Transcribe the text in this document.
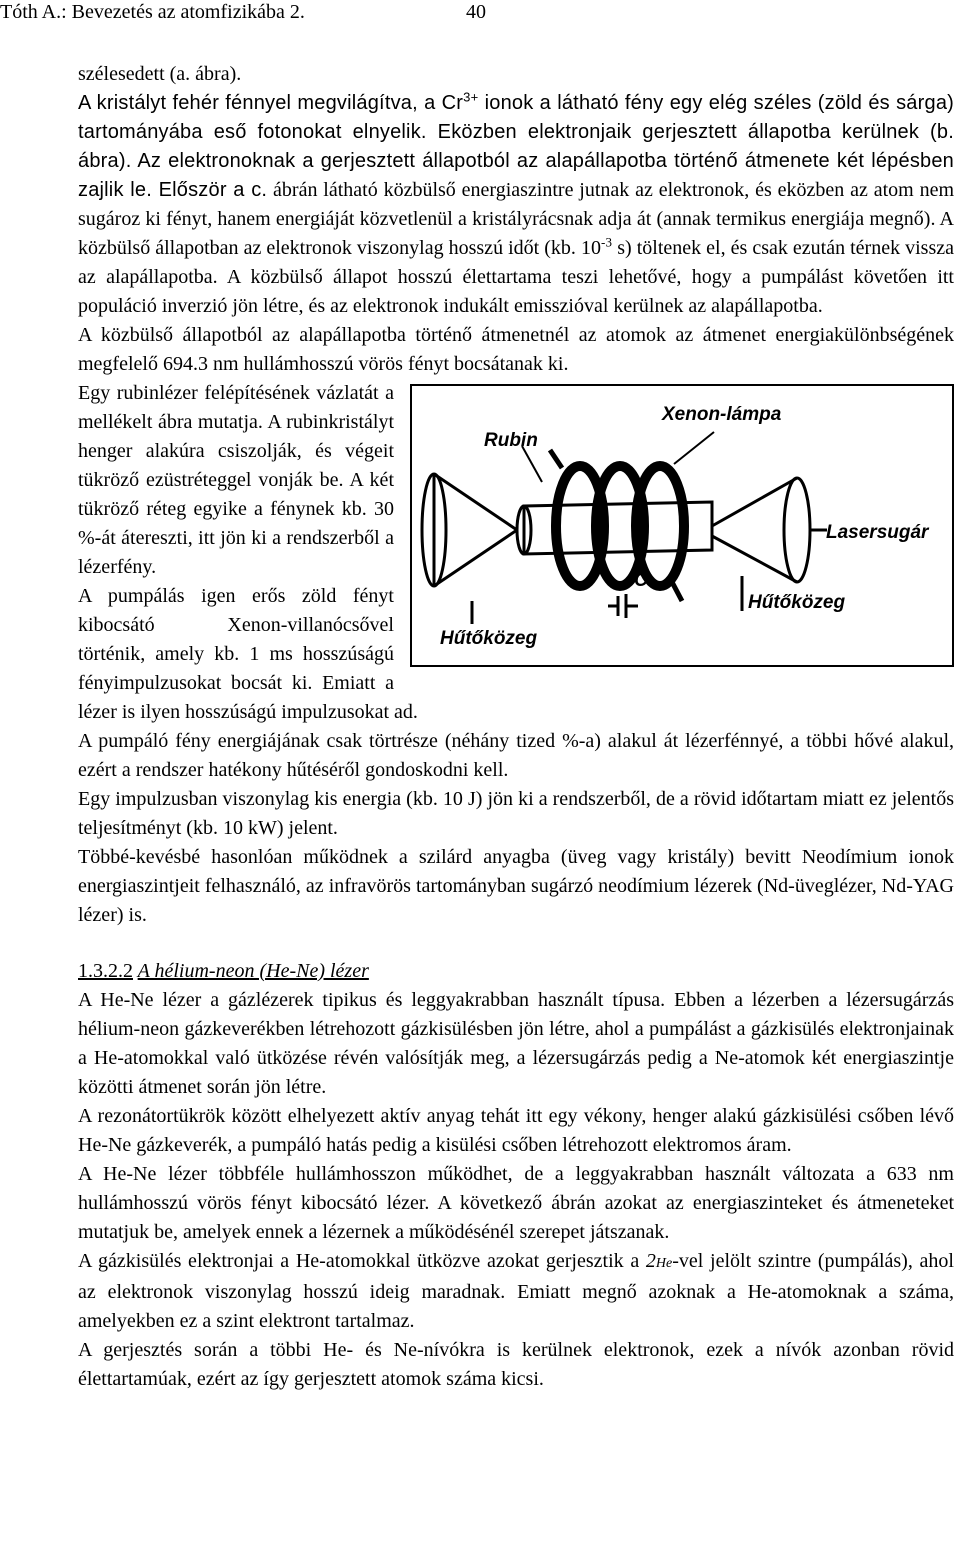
Tóth A.: Bevezetés az atomfizikába 2.	40

szélesedett (a. ábra).

A kristályt fehér fénnyel megvilágítva, a $Cr^{3+}$ ionok a látható fény egy elég széles (zöld és sárga) tartományába eső fotonokat elnyelik. Eközben elektronjaik gerjesztett állapotba kerülnek (b. ábra). Az elektronoknak a gerjesztett állapotból az alapállapotba történő átmenete két lépésben zajlik le. Először a c. ábrán látható közbülső energiaszintre jutnak az elektronok, és eközben az atom nem sugároz ki fényt, hanem energiáját közvetlenül a kristályrácsnak adja át (annak termikus energiája megnő). A közbülső állapotban az elektronok viszonylag hosszú időt (kb. $10^{-3}$ s) töltenek el, és csak ezután térnek vissza az alapállapotba. A közbülső állapot hosszú élettartama teszi lehetővé, hogy a pumpálást követően itt populáció inverzió jön létre, és az elektronok indukált emisszióval kerülnek az alapállapotba.

A közbülső állapotból az alapállapotba történő átmenetnél az atomok az átmenet energiakülönbségének megfelelő 694.3 nm hullámhosszú vörös fényt bocsátanak ki.

Xenon-lámpa
Rubin
Lasersugár
C
Hűtőközeg
Hűtőközeg

Egy rubinlézer felépítésének vázlatát a mellékelt ábra mutatja. A rubinkristályt henger alakúra csiszolják, és végeit tükröző ezüstréteggel vonják be. A két tükröző réteg egyike a fénynek kb. 30 %-át átereszti, itt jön ki a rendszerből a lézerfény.

A pumpálás igen erős zöld fényt kibocsátó Xenon-villanócsővel történik, amely kb. 1 ms hosszúságú fényimpulzusokat bocsát ki. Emiatt a lézer is ilyen hosszúságú impulzusokat ad.

A pumpáló fény energiájának csak törtrésze (néhány tized %-a) alakul át lézerfénnyé, a többi hővé alakul, ezért a rendszer hatékony hűtéséről gondoskodni kell.

Egy impulzusban viszonylag kis energia (kb. 10 J) jön ki a rendszerből, de a rövid időtartam miatt ez jelentős teljesítményt (kb. 10 kW) jelent.

Többé-kevésbé hasonlóan működnek a szilárd anyagba (üveg vagy kristály) bevitt Neodímium ionok energiaszintjeit felhasználó, az infravörös tartományban sugárzó neodímium lézerek (Nd-üveglézer, Nd-YAG lézer) is.

1.3.2.2 A hélium-neon (He-Ne) lézer

A He-Ne lézer a gázlézerek tipikus és leggyakrabban használt típusa. Ebben a lézerben a lézersugárzás hélium-neon gázkeverékben létrehozott gázkisülésben jön létre, ahol a pumpálást a gázkisülés elektronjainak a He-atomokkal való ütközése révén valósítják meg, a lézersugárzás pedig a Ne-atomok két energiaszintje közötti átmenet során jön létre.

A rezonátortükrök között elhelyezett aktív anyag tehát itt egy vékony, henger alakú gázkisülési csőben lévő He-Ne gázkeverék, a pumpáló hatás pedig a kisülési csőben létrehozott elektromos áram.

A He-Ne lézer többféle hullámhosszon működhet, de a leggyakrabban használt változata a 633 nm hullámhosszú vörös fényt kibocsátó lézer. A következő ábrán azokat az energiaszinteket és átmeneteket mutatjuk be, amelyek ennek a lézernek a működésénél szerepet játszanak.

A gázkisülés elektronjai a He-atomokkal ütközve azokat gerjesztik a 2He-vel jelölt szintre (pumpálás), ahol az elektronok viszonylag hosszú ideig maradnak. Emiatt megnő azoknak a He-atomoknak a száma, amelyekben ez a szint elektront tartalmaz.

A gerjesztés során a többi He- és Ne-nívókra is kerülnek elektronok, ezek a nívók azonban rövid élettartamúak, ezért az így gerjesztett atomok száma kicsi.
